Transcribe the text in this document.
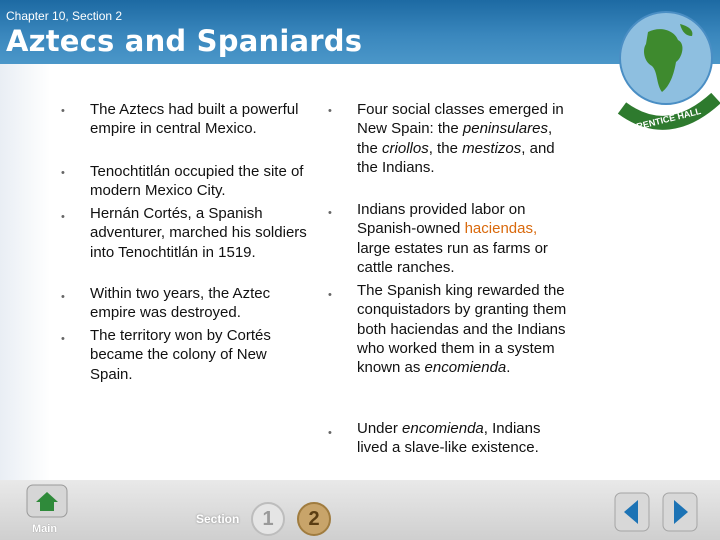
Chapter 10, Section 2
Aztecs and Spaniards
PRENTICE HALL
• The Aztecs had built a powerful empire in central Mexico.
• Tenochtitlán occupied the site of modern Mexico City.
• Hernán Cortés, a Spanish adventurer, marched his soldiers into Tenochtitlán in 1519.
• Within two years, the Aztec empire was destroyed.
• The territory won by Cortés became the colony of New Spain.
• Four social classes emerged in New Spain: the peninsulares, the criollos, the mestizos, and the Indians.
• Indians provided labor on Spanish-owned haciendas, large estates run as farms or cattle ranches.
• The Spanish king rewarded the conquistadors by granting them both haciendas and the Indians who worked them in a system known as encomienda.
• Under encomienda, Indians lived a slave-like existence.
Main
Section	1	2
